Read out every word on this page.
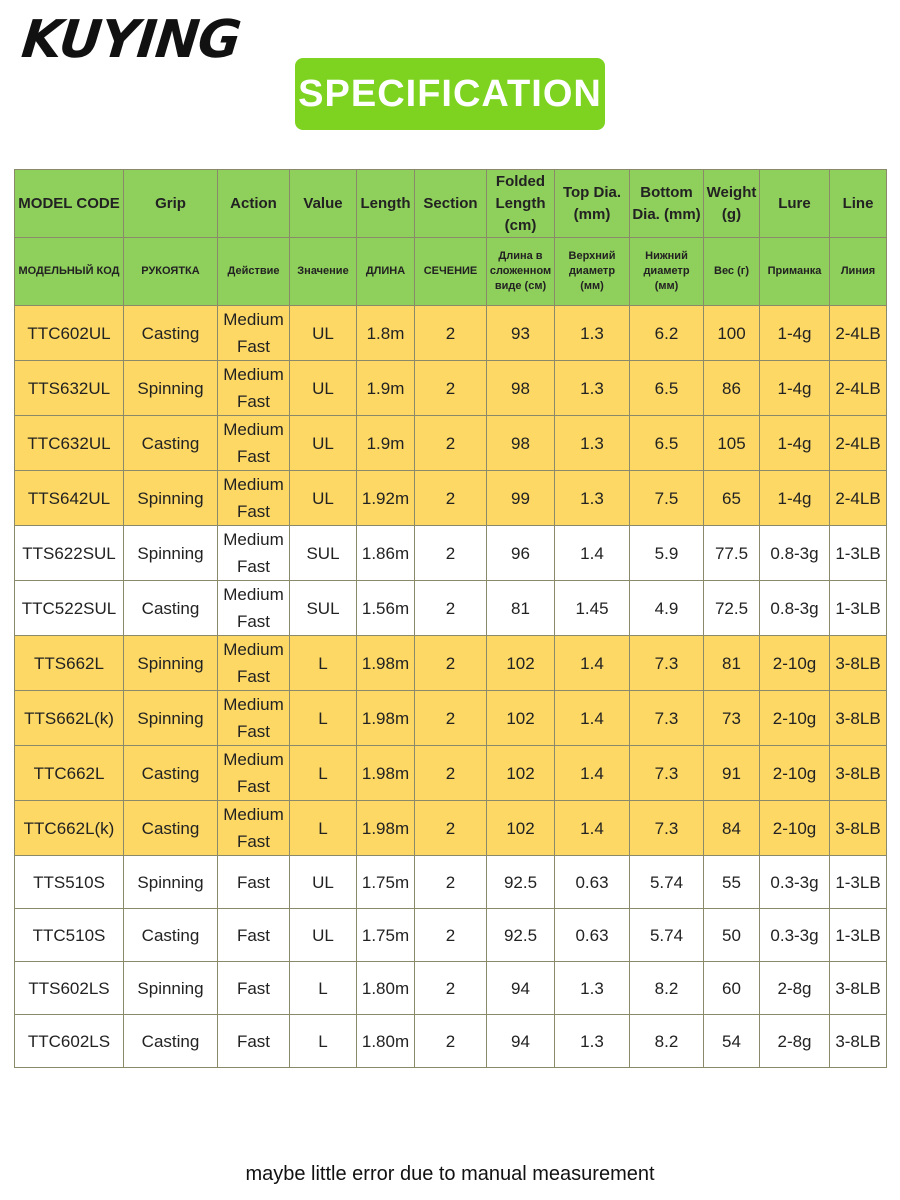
KUYING
SPECIFICATION
MODEL CODE	Grip	Action	Value	Length	Section	Folded Length (cm)	Top Dia. (mm)	Bottom Dia. (mm)	Weight (g)	Lure	Line
МОДЕЛЬНЫЙ КОД	РУКОЯТКА	Действие	Значение	ДЛИНА	СЕЧЕНИЕ	Длина в сложенном виде (см)	Верхний диаметр (мм)	Нижний диаметр (мм)	Вес (г)	Приманка	Линия
TTC602UL	Casting	Medium Fast	UL	1.8m	2	93	1.3	6.2	100	1-4g	2-4LB
TTS632UL	Spinning	Medium Fast	UL	1.9m	2	98	1.3	6.5	86	1-4g	2-4LB
TTC632UL	Casting	Medium Fast	UL	1.9m	2	98	1.3	6.5	105	1-4g	2-4LB
TTS642UL	Spinning	Medium Fast	UL	1.92m	2	99	1.3	7.5	65	1-4g	2-4LB
TTS622SUL	Spinning	Medium Fast	SUL	1.86m	2	96	1.4	5.9	77.5	0.8-3g	1-3LB
TTC522SUL	Casting	Medium Fast	SUL	1.56m	2	81	1.45	4.9	72.5	0.8-3g	1-3LB
TTS662L	Spinning	Medium Fast	L	1.98m	2	102	1.4	7.3	81	2-10g	3-8LB
TTS662L(k)	Spinning	Medium Fast	L	1.98m	2	102	1.4	7.3	73	2-10g	3-8LB
TTC662L	Casting	Medium Fast	L	1.98m	2	102	1.4	7.3	91	2-10g	3-8LB
TTC662L(k)	Casting	Medium Fast	L	1.98m	2	102	1.4	7.3	84	2-10g	3-8LB
TTS510S	Spinning	Fast	UL	1.75m	2	92.5	0.63	5.74	55	0.3-3g	1-3LB
TTC510S	Casting	Fast	UL	1.75m	2	92.5	0.63	5.74	50	0.3-3g	1-3LB
TTS602LS	Spinning	Fast	L	1.80m	2	94	1.3	8.2	60	2-8g	3-8LB
TTC602LS	Casting	Fast	L	1.80m	2	94	1.3	8.2	54	2-8g	3-8LB
maybe little error due to manual measurement
